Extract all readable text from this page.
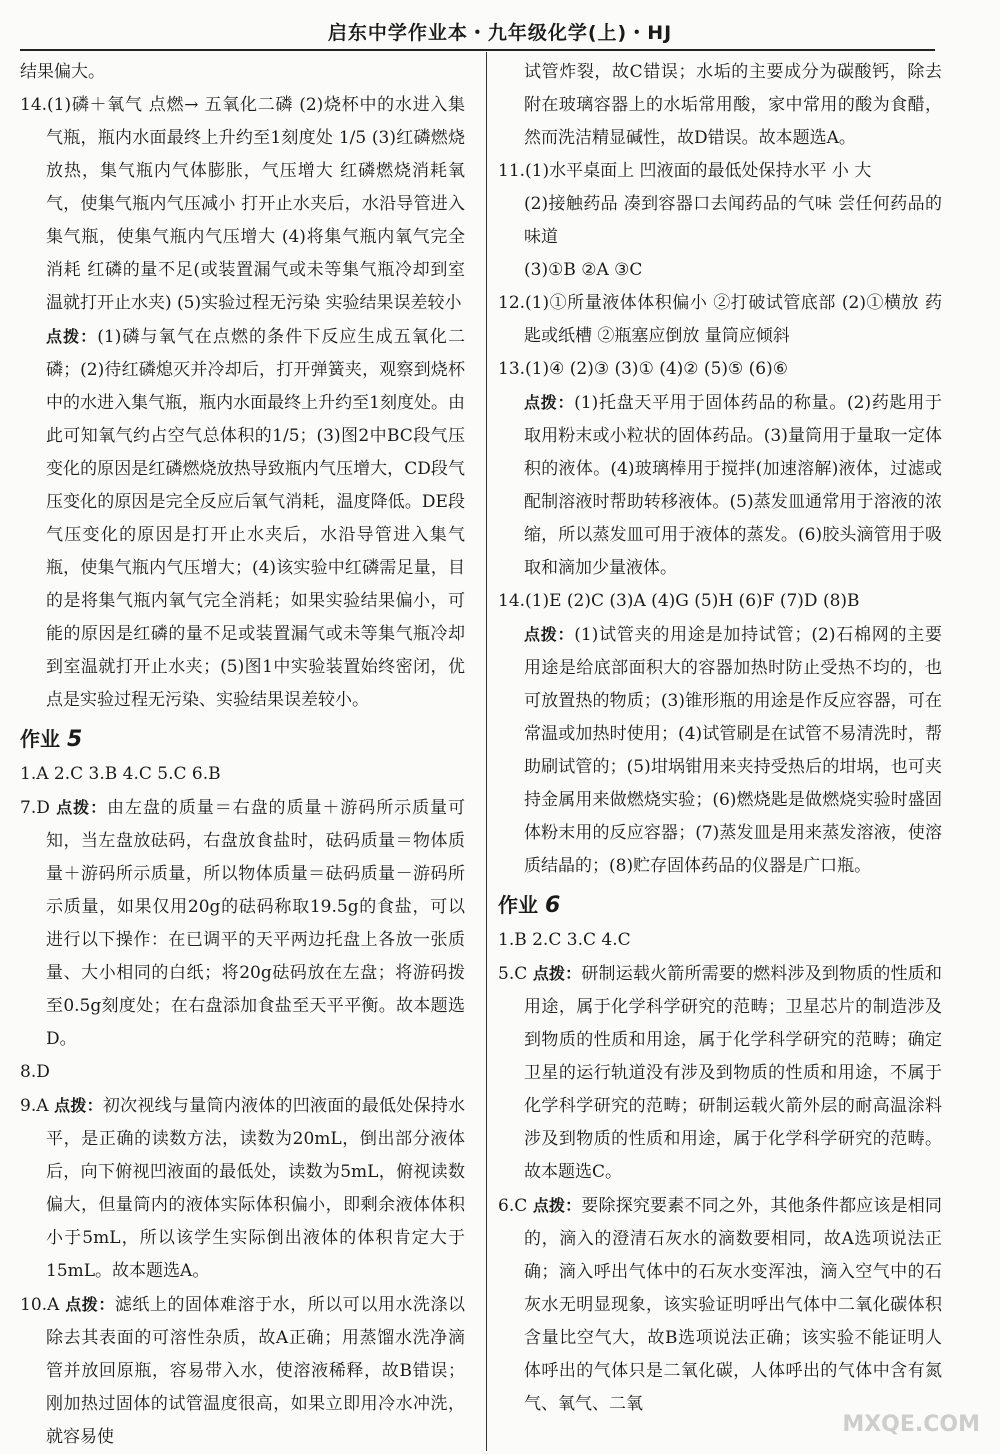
启东中学作业本・九年级化学(上)・HJ

结果偏大。

14.(1)磷＋氧气 点燃→ 五氧化二磷 (2)烧杯中的水进入集气瓶，瓶内水面最终上升约至1刻度处 1/5 (3)红磷燃烧放热，集气瓶内气体膨胀，气压增大 红磷燃烧消耗氧气，使集气瓶内气压减小 打开止水夹后，水沿导管进入集气瓶，使集气瓶内气压增大 (4)将集气瓶内氧气完全消耗 红磷的量不足(或装置漏气或未等集气瓶冷却到室温就打开止水夹) (5)实验过程无污染 实验结果误差较小

点拨：(1)磷与氧气在点燃的条件下反应生成五氧化二磷；(2)待红磷熄灭并冷却后，打开弹簧夹，观察到烧杯中的水进入集气瓶，瓶内水面最终上升约至1刻度处。由此可知氧气约占空气总体积的1/5；(3)图2中BC段气压变化的原因是红磷燃烧放热导致瓶内气压增大，CD段气压变化的原因是完全反应后氧气消耗，温度降低。DE段气压变化的原因是打开止水夹后，水沿导管进入集气瓶，使集气瓶内气压增大；(4)该实验中红磷需足量，目的是将集气瓶内氧气完全消耗；如果实验结果偏小，可能的原因是红磷的量不足或装置漏气或未等集气瓶冷却到室温就打开止水夹；(5)图1中实验装置始终密闭，优点是实验过程无污染、实验结果误差较小。

作业 5

1.A 2.C 3.B 4.C 5.C 6.B

7.D 点拨：由左盘的质量＝右盘的质量＋游码所示质量可知，当左盘放砝码，右盘放食盐时，砝码质量＝物体质量＋游码所示质量，所以物体质量＝砝码质量－游码所示质量，如果仅用20g的砝码称取19.5g的食盐，可以进行以下操作：在已调平的天平两边托盘上各放一张质量、大小相同的白纸；将20g砝码放在左盘；将游码拨至0.5g刻度处；在右盘添加食盐至天平平衡。故本题选D。

8.D

9.A 点拨：初次视线与量筒内液体的凹液面的最低处保持水平，是正确的读数方法，读数为20mL，倒出部分液体后，向下俯视凹液面的最低处，读数为5mL，俯视读数偏大，但量筒内的液体实际体积偏小，即剩余液体体积小于5mL，所以该学生实际倒出液体的体积肯定大于15mL。故本题选A。

10.A 点拨：滤纸上的固体难溶于水，所以可以用水洗涤以除去其表面的可溶性杂质，故A正确；用蒸馏水洗净滴管并放回原瓶，容易带入水，使溶液稀释，故B错误；刚加热过固体的试管温度很高，如果立即用冷水冲洗，就容易使

试管炸裂，故C错误；水垢的主要成分为碳酸钙，除去附在玻璃容器上的水垢常用酸，家中常用的酸为食醋，然而洗洁精显碱性，故D错误。故本题选A。

11.(1)水平桌面上 凹液面的最低处保持水平 小 大

(2)接触药品 凑到容器口去闻药品的气味 尝任何药品的味道

(3)①B ②A ③C

12.(1)①所量液体体积偏小 ②打破试管底部 (2)①横放 药匙或纸槽 ②瓶塞应倒放 量筒应倾斜

13.(1)④ (2)③ (3)① (4)② (5)⑤ (6)⑥

点拨：(1)托盘天平用于固体药品的称量。(2)药匙用于取用粉末或小粒状的固体药品。(3)量筒用于量取一定体积的液体。(4)玻璃棒用于搅拌(加速溶解)液体，过滤或配制溶液时帮助转移液体。(5)蒸发皿通常用于溶液的浓缩，所以蒸发皿可用于液体的蒸发。(6)胶头滴管用于吸取和滴加少量液体。

14.(1)E (2)C (3)A (4)G (5)H (6)F (7)D (8)B

点拨：(1)试管夹的用途是加持试管；(2)石棉网的主要用途是给底部面积大的容器加热时防止受热不均的，也可放置热的物质；(3)锥形瓶的用途是作反应容器，可在常温或加热时使用；(4)试管刷是在试管不易清洗时，帮助刷试管的；(5)坩埚钳用来夹持受热后的坩埚，也可夹持金属用来做燃烧实验；(6)燃烧匙是做燃烧实验时盛固体粉末用的反应容器；(7)蒸发皿是用来蒸发溶液，使溶质结晶的；(8)贮存固体药品的仪器是广口瓶。

作业 6

1.B 2.C 3.C 4.C

5.C 点拨：研制运载火箭所需要的燃料涉及到物质的性质和用途，属于化学科学研究的范畴；卫星芯片的制造涉及到物质的性质和用途，属于化学科学研究的范畴；确定卫星的运行轨道没有涉及到物质的性质和用途，不属于化学科学研究的范畴；研制运载火箭外层的耐高温涂料涉及到物质的性质和用途，属于化学科学研究的范畴。故本题选C。

6.C 点拨：要除探究要素不同之外，其他条件都应该是相同的，滴入的澄清石灰水的滴数要相同，故A选项说法正确；滴入呼出气体中的石灰水变浑浊，滴入空气中的石灰水无明显现象，该实验证明呼出气体中二氧化碳体积含量比空气大，故B选项说法正确；该实验不能证明人体呼出的气体只是二氧化碳，人体呼出的气体中含有氮气、氧气、二氧

MXQE.COM
